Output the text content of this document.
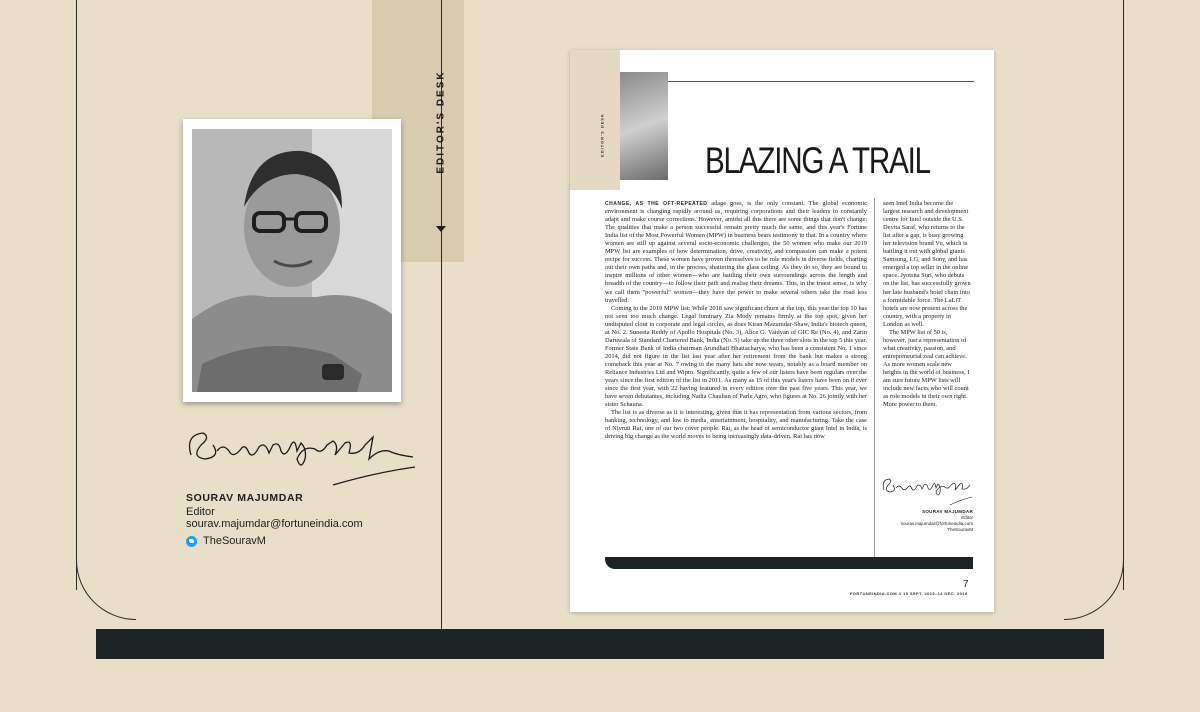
EDITOR'S DESK
SOURAV MAJUMDAR
Editor
sourav.majumdar@fortuneindia.com
TheSouravM
EDITOR'S DESK
BLAZING A TRAIL

CHANGE, AS THE OFT-REPEATED adage goes, is the only constant. The global economic environment is changing rapidly around us, requiring corporations and their leaders to constantly adapt and make course corrections. However, amidst all this there are some things that don't change: The qualities that make a person successful remain pretty much the same, and this year's Fortune India list of the Most Powerful Women (MPW) in business bears testimony to that. In a country where women are still up against several socio-economic challenges, the 50 women who make our 2019 MPW list are examples of how determination, drive, creativity, and compassion can make a potent recipe for success. These women have proven themselves to be role models in diverse fields, charting out their own paths and, in the process, shattering the glass ceiling. As they do so, they are bound to inspire millions of other women—who are battling their own surroundings across the length and breadth of the country—to follow their path and realise their dreams. This, in the truest sense, is why we call them "powerful" women—they have the power to make several others take the road less travelled.

Coming to the 2019 MPW list: While 2018 saw significant churn at the top, this year the top 10 has not seen too much change. Legal luminary Zia Mody remains firmly at the top spot, given her undisputed clout in corporate and legal circles, as does Kiran Mazumdar-Shaw, India's biotech queen, at No. 2. Suneeta Reddy of Apollo Hospitals (No. 3), Alice G. Vaidyan of GIC Re (No. 4), and Zarin Daruwala of Standard Chartered Bank, India (No. 5) take up the three other slots in the top 5 this year. Former State Bank of India chairman Arundhati Bhattacharya, who has been a consistent No. 1 since 2014, did not figure in the list last year after her retirement from the bank but makes a strong comeback this year at No. 7 owing to the many hats she now wears, notably as a board member on Reliance Industries Ltd and Wipro. Significantly, quite a few of our listers have been regulars over the years since the first edition of the list in 2011. As many as 15 of this year's listers have been on it ever since the first year, with 22 having featured in every edition over the past five years. This year, we have seven debutantes, including Nadia Chauhan of Parle Agro, who figures at No. 26 jointly with her sister Schauna.

The list is as diverse as it is interesting, given that it has representation from various sectors, from banking, technology, and law to media, entertainment, hospitality, and manufacturing. Take the case of Nivruti Rai, one of our two cover people. Rai, as the head of semiconductor giant Intel in India, is driving big change as the world moves to being increasingly data-driven. Rai has now

seen Intel India become the largest research and development centre for Intel outside the U.S. Devita Saraf, who returns to the list after a gap, is busy growing her television brand Vu, which is battling it out with global giants Samsung, LG, and Sony, and has emerged a top seller in the online space. Jyotsna Suri, who debuts on the list, has successfully grown her late husband's hotel chain into a formidable force. The LaLiT hotels are now present across the country, with a property in London as well.

The MPW list of 50 is, however, just a representation of what creativity, passion, and entrepreneurial zeal can achieve. As more women scale new heights in the world of business, I am sure future MPW lists will include new faces who will count as role models in their own right. More power to them.

SOURAV MAJUMDAR
Editor
sourav.majumdar@fortuneindia.com
TheSouravM
7
FORTUNEINDIA.COM // 15 SEPT. 2019–14 DEC. 2019
